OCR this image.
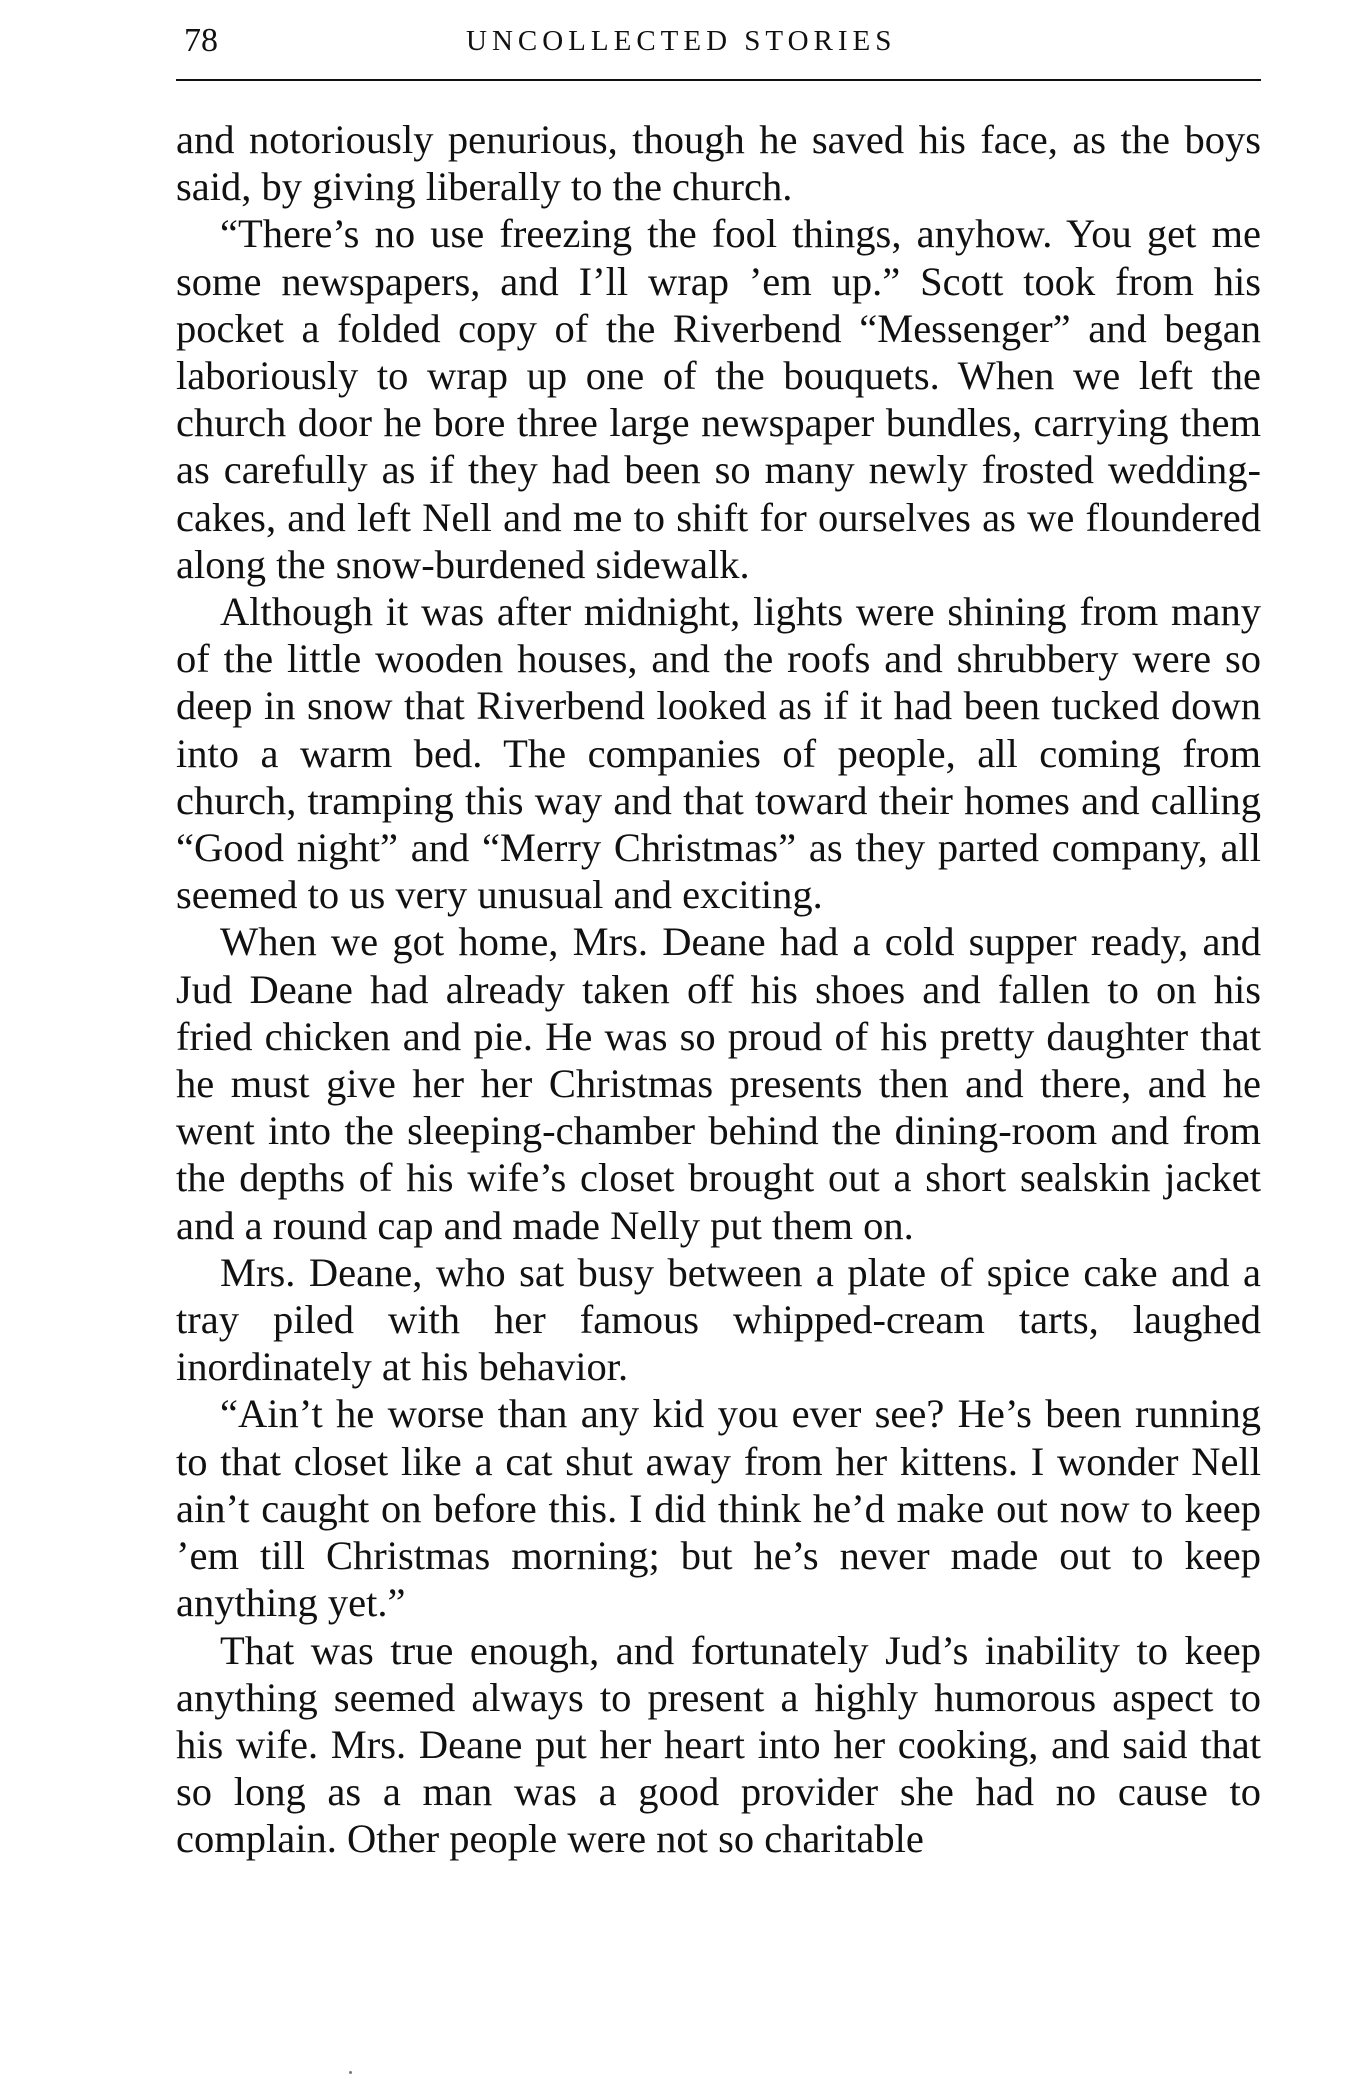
78	UNCOLLECTED STORIES

and notoriously penurious, though he saved his face, as the boys said, by giving liberally to the church.

“There’s no use freezing the fool things, anyhow. You get me some newspapers, and I’ll wrap ’em up.” Scott took from his pocket a folded copy of the Riverbend “Messenger” and began laboriously to wrap up one of the bouquets. When we left the church door he bore three large newspaper bundles, carrying them as carefully as if they had been so many newly frosted wedding-cakes, and left Nell and me to shift for ourselves as we floundered along the snow-burdened sidewalk.

Although it was after midnight, lights were shining from many of the little wooden houses, and the roofs and shrubbery were so deep in snow that Riverbend looked as if it had been tucked down into a warm bed. The companies of people, all coming from church, tramping this way and that toward their homes and calling “Good night” and “Merry Christmas” as they parted company, all seemed to us very unusual and exciting.

When we got home, Mrs. Deane had a cold supper ready, and Jud Deane had already taken off his shoes and fallen to on his fried chicken and pie. He was so proud of his pretty daughter that he must give her her Christmas presents then and there, and he went into the sleeping-chamber behind the dining-room and from the depths of his wife’s closet brought out a short sealskin jacket and a round cap and made Nelly put them on.

Mrs. Deane, who sat busy between a plate of spice cake and a tray piled with her famous whipped-cream tarts, laughed inordinately at his behavior.

“Ain’t he worse than any kid you ever see? He’s been running to that closet like a cat shut away from her kittens. I wonder Nell ain’t caught on before this. I did think he’d make out now to keep ’em till Christmas morning; but he’s never made out to keep anything yet.”

That was true enough, and fortunately Jud’s inability to keep anything seemed always to present a highly humorous aspect to his wife. Mrs. Deane put her heart into her cooking, and said that so long as a man was a good provider she had no cause to complain. Other people were not so charitable
